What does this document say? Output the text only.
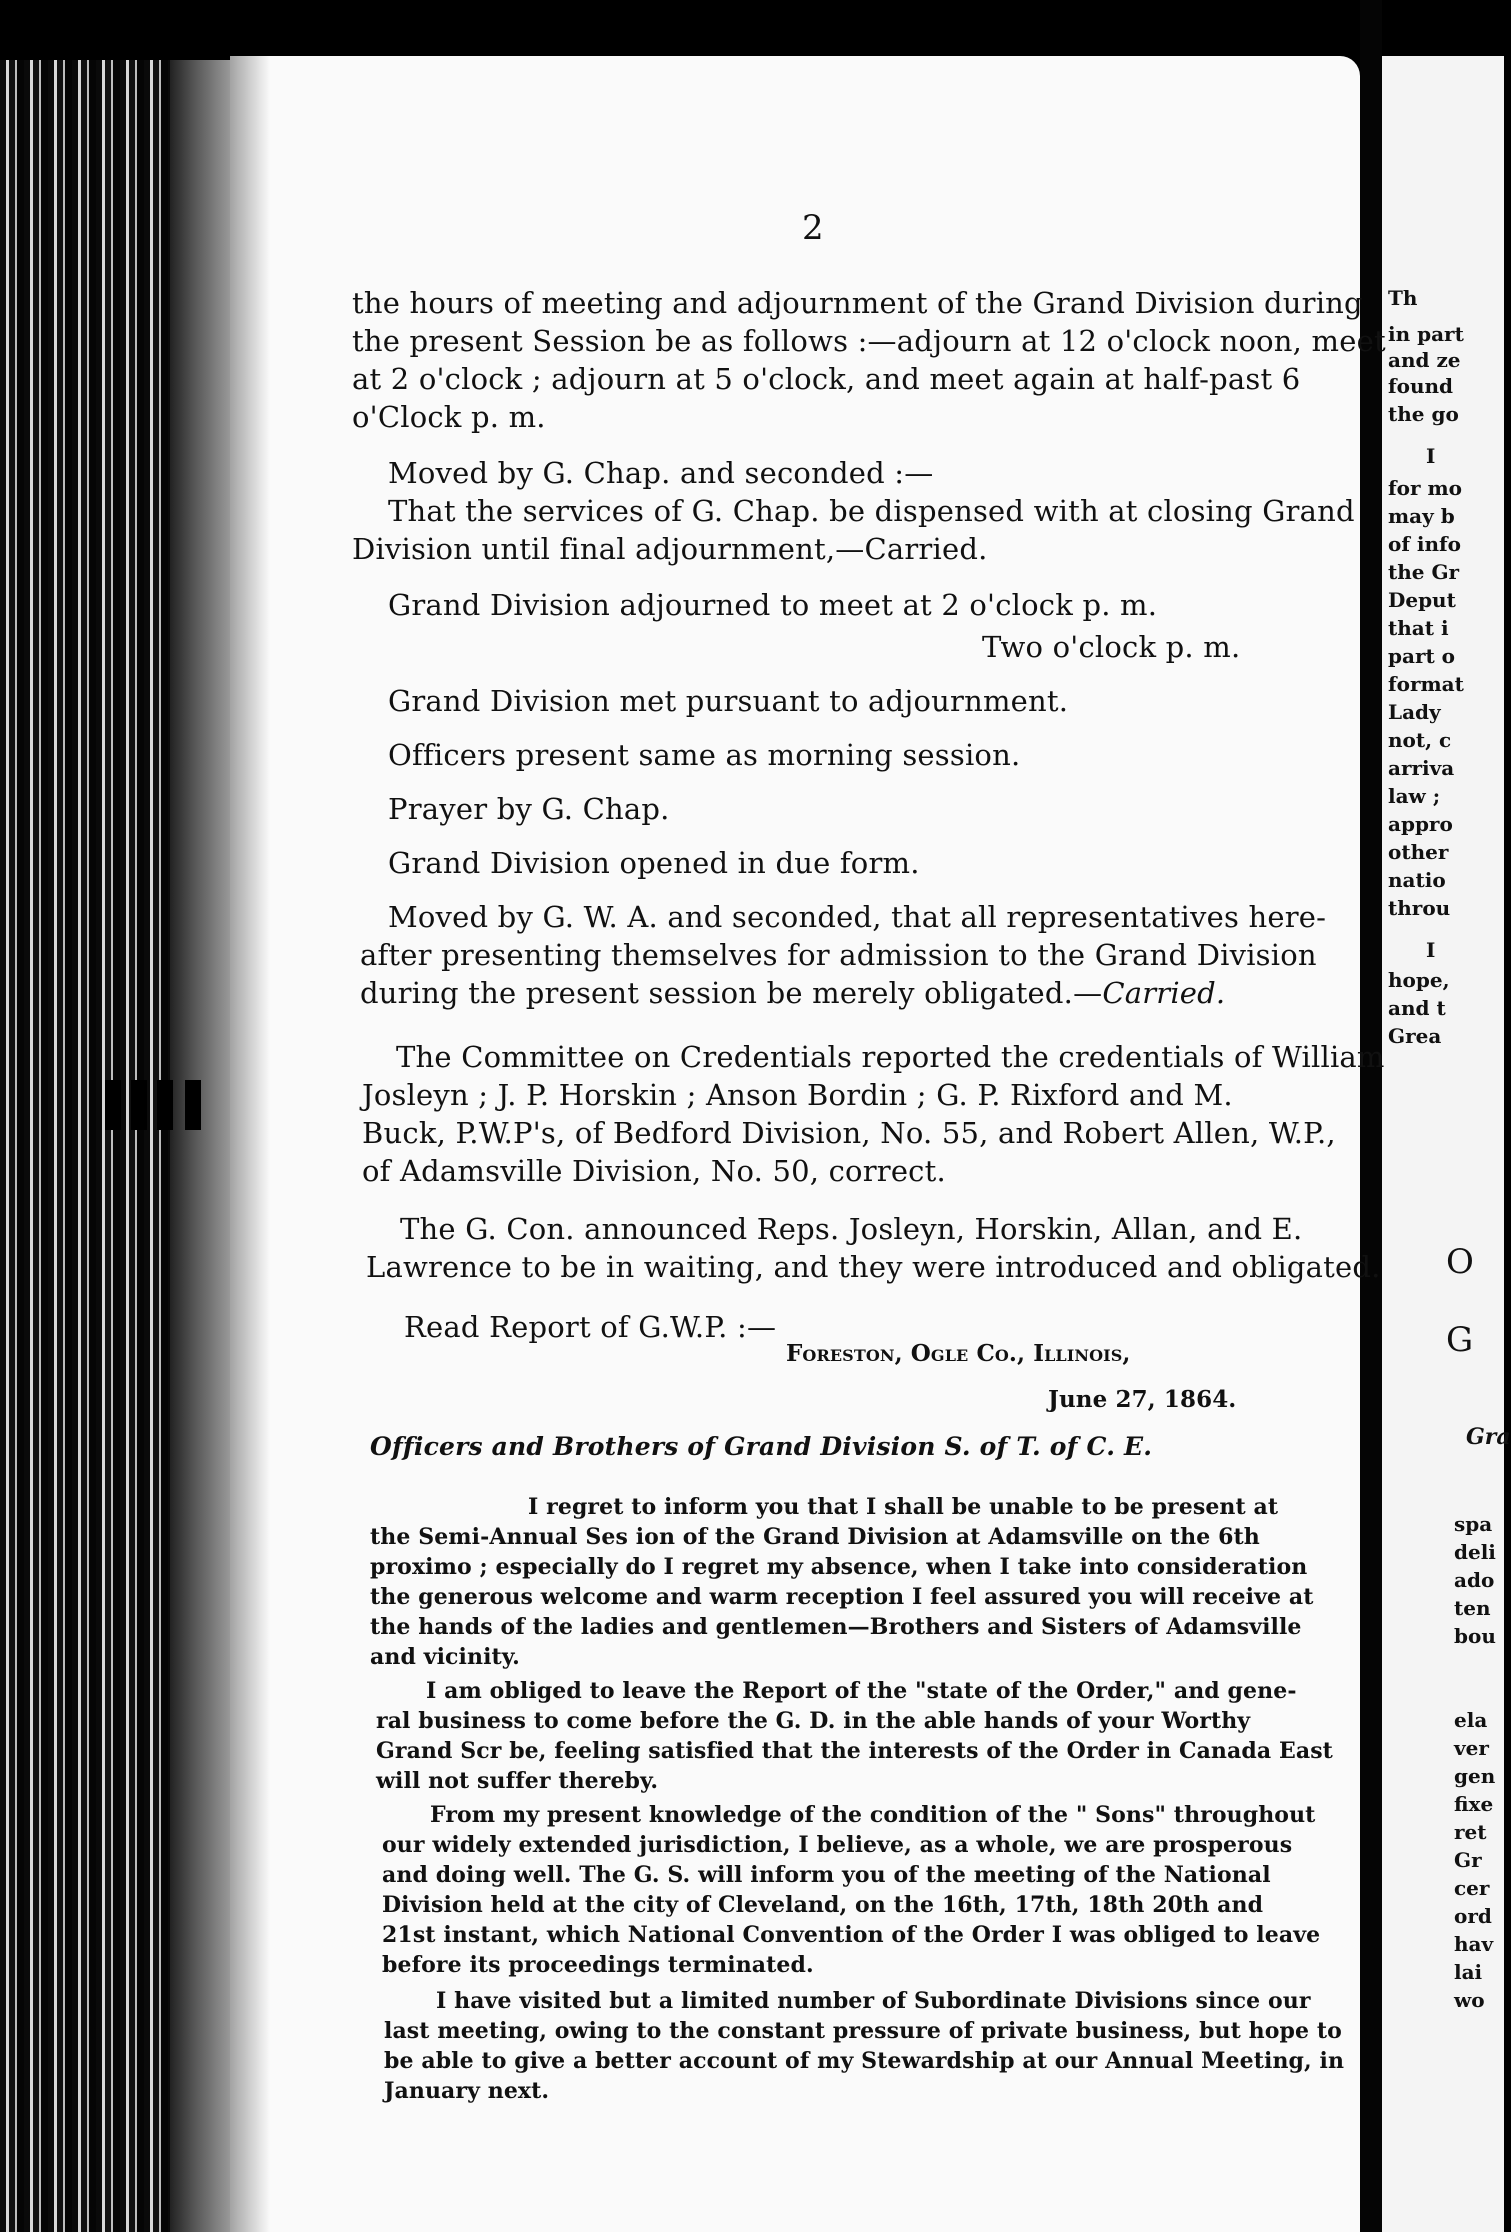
Th
in part
and ze
found
the go
I
for mo
may b
of info
the Gr
Deput
that i
part o
format
Lady
not, c
arriva
law ;
appro
other
natio
throu
I
hope,
and t
Grea
O
G
Gra
spa
deli
ado
ten
bou
ela
ver
gen
fixe
ret
Gr
cer
ord
hav
lai
wo
2
the hours of meeting and adjournment of the Grand Division during
the present Session be as follows :—adjourn at 12 o'clock noon, meet
at 2 o'clock ; adjourn at 5 o'clock, and meet again at half-past 6
o'Clock p. m.
Moved by G. Chap. and seconded :—
That the services of G. Chap. be dispensed with at closing Grand
Division until final adjournment,—Carried.
Grand Division adjourned to meet at 2 o'clock p. m.
Two o'clock p. m.
Grand Division met pursuant to adjournment.
Officers present same as morning session.
Prayer by G. Chap.
Grand Division opened in due form.
Moved by G. W. A. and seconded, that all representatives here-
after presenting themselves for admission to the Grand Division
during the present session be merely obligated.—Carried.
The Committee on Credentials reported the credentials of William
Josleyn ; J. P. Horskin ; Anson Bordin ; G. P. Rixford and M.
Buck, P.W.P's, of Bedford Division, No. 55, and Robert Allen, W.P.,
of Adamsville Division, No. 50, correct.
The G. Con. announced Reps. Josleyn, Horskin, Allan, and E.
Lawrence to be in waiting, and they were introduced and obligated.
Read Report of G.W.P. :—
Foreston, Ogle Co., Illinois,
June 27, 1864.
Officers and Brothers of Grand Division S. of T. of C. E.
I regret to inform you that I shall be unable to be present at
the Semi-Annual Ses ion of the Grand Division at Adamsville on the 6th
proximo ; especially do I regret my absence, when I take into consideration
the generous welcome and warm reception I feel assured you will receive at
the hands of the ladies and gentlemen—Brothers and Sisters of Adamsville
and vicinity.
I am obliged to leave the Report of the "state of the Order," and gene-
ral business to come before the G. D. in the able hands of your Worthy
Grand Scr be, feeling satisfied that the interests of the Order in Canada East
will not suffer thereby.
From my present knowledge of the condition of the " Sons" throughout
our widely extended jurisdiction, I believe, as a whole, we are prosperous
and doing well. The G. S. will inform you of the meeting of the National
Division held at the city of Cleveland, on the 16th, 17th, 18th 20th and
21st instant, which National Convention of the Order I was obliged to leave
before its proceedings terminated.
I have visited but a limited number of Subordinate Divisions since our
last meeting, owing to the constant pressure of private business, but hope to
be able to give a better account of my Stewardship at our Annual Meeting, in
January next.
